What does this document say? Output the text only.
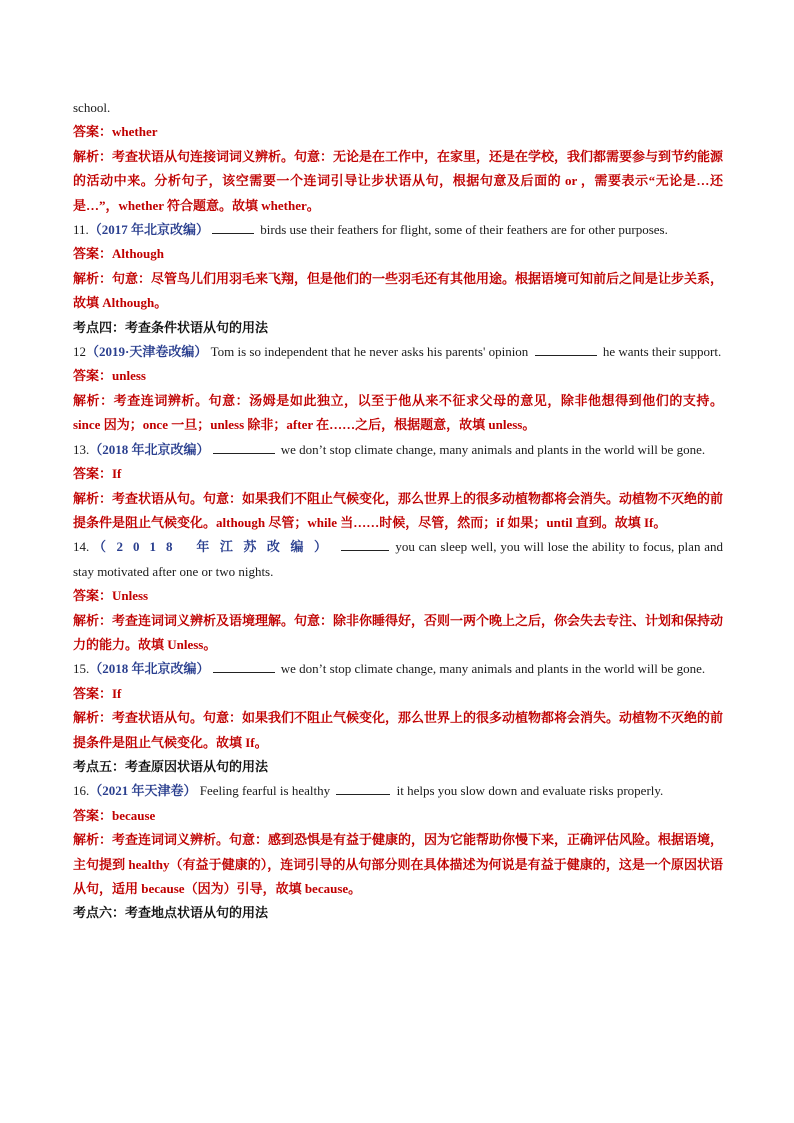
school.
答案：whether
解析：考查状语从句连接词词义辨析。句意：无论是在工作中，在家里，还是在学校，我们都需要参与到节约能源的活动中来。分析句子，该空需要一个连词引导让步状语从句，根据句意及后面的 or ，需要表示“无论是…还是…”，whether 符合题意。故填 whether。
11.（2017 年北京改编）	birds use their feathers for flight, some of their feathers are for other purposes.
答案：Although
解析：句意：尽管鸟儿们用羽毛来飞翔，但是他们的一些羽毛还有其他用途。根据语境可知前后之间是让步关系，故填 Although。
考点四：考查条件状语从句的用法
12（2019·天津卷改编） Tom is so independent that he never asks his parents' opinion	he wants their support.
答案：unless
解析：考查连词辨析。句意：汤姆是如此独立，以至于他从来不征求父母的意见，除非他想得到他们的支持。since 因为；once 一旦；unless 除非；after 在……之后，根据题意，故填 unless。
13.（2018 年北京改编）	we don’t stop climate change, many animals and plants in the world will be gone.
答案：If
解析：考查状语从句。句意：如果我们不阻止气候变化，那么世界上的很多动植物都将会消失。动植物不灭绝的前提条件是阻止气候变化。although 尽管；while 当……时候，尽管，然而；if 如果；until 直到。故填 If。
14. （2018 年江苏改编）	you can sleep well, you will lose the ability to focus, plan and stay motivated after one or two nights.
答案：Unless
解析：考查连词词义辨析及语境理解。句意：除非你睡得好，否则一两个晚上之后，你会失去专注、计划和保持动力的能力。故填 Unless。
15.（2018 年北京改编）	we don’t stop climate change, many animals and plants in the world will be gone.
答案：If
解析：考查状语从句。句意：如果我们不阻止气候变化，那么世界上的很多动植物都将会消失。动植物不灭绝的前提条件是阻止气候变化。故填 If。
考点五：考查原因状语从句的用法
16.（2021 年天津卷） Feeling fearful is healthy	it helps you slow down and evaluate risks properly.
答案：because
解析：考查连词词义辨析。句意：感到恐惧是有益于健康的，因为它能帮助你慢下来，正确评估风险。根据语境，主句提到 healthy（有益于健康的），连词引导的从句部分则在具体描述为何说是有益于健康的，这是一个原因状语从句，适用 because（因为）引导，故填 because。
考点六：考查地点状语从句的用法
